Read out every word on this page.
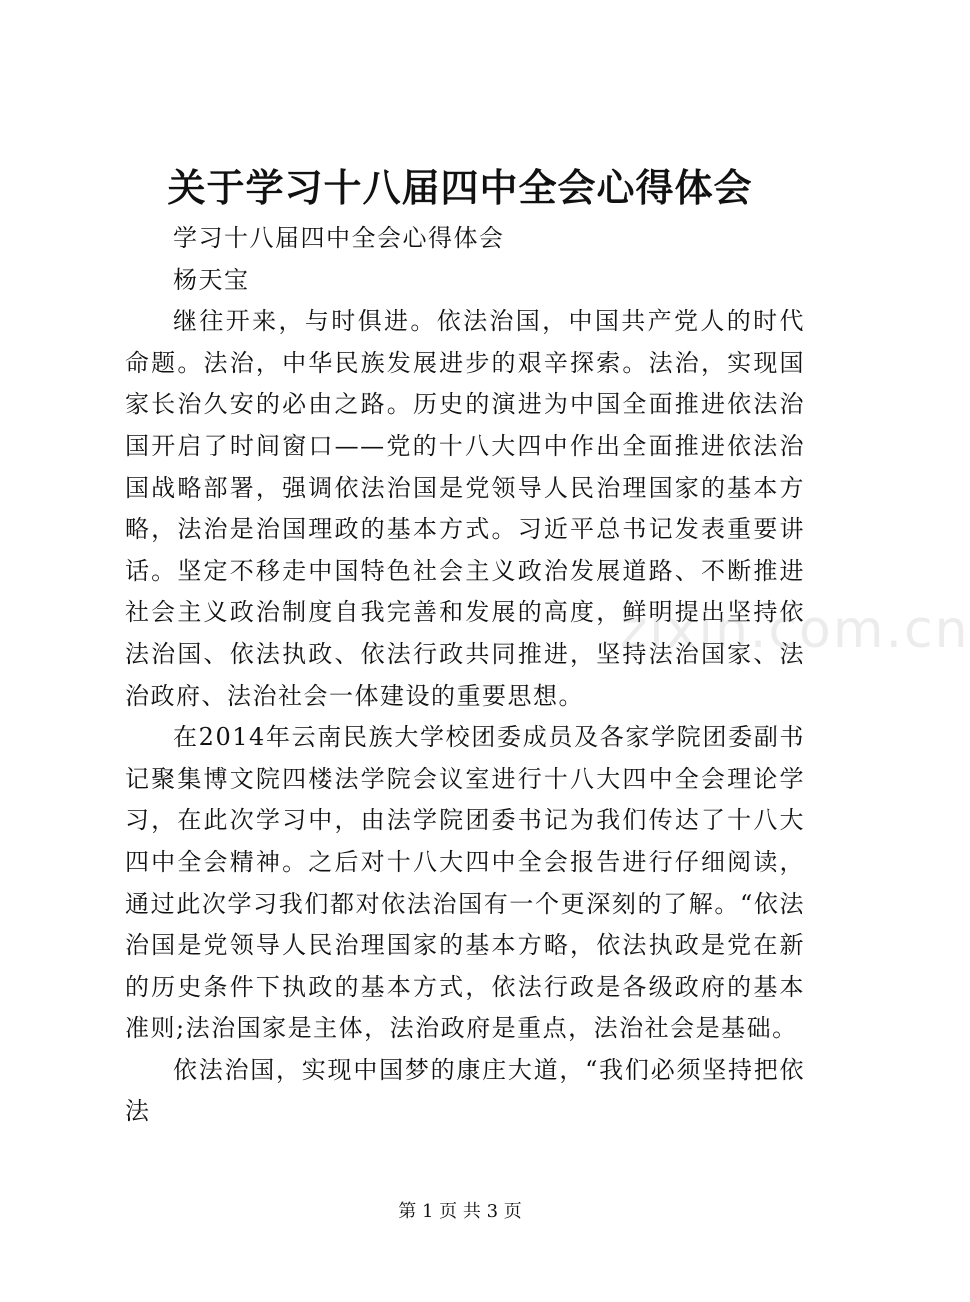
关于学习十八届四中全会心得体会

学习十八届四中全会心得体会

杨天宝

继往开来，与时俱进。依法治国，中国共产党人的时代命题。法治，中华民族发展进步的艰辛探索。法治，实现国家长治久安的必由之路。历史的演进为中国全面推进依法治国开启了时间窗口——党的十八大四中作出全面推进依法治国战略部署，强调依法治国是党领导人民治理国家的基本方略，法治是治国理政的基本方式。习近平总书记发表重要讲话。坚定不移走中国特色社会主义政治发展道路、不断推进社会主义政治制度自我完善和发展的高度，鲜明提出坚持依法治国、依法执政、依法行政共同推进，坚持法治国家、法治政府、法治社会一体建设的重要思想。

在2014年云南民族大学校团委成员及各家学院团委副书记聚集博文院四楼法学院会议室进行十八大四中全会理论学习，在此次学习中，由法学院团委书记为我们传达了十八大四中全会精神。之后对十八大四中全会报告进行仔细阅读，通过此次学习我们都对依法治国有一个更深刻的了解。“依法治国是党领导人民治理国家的基本方略，依法执政是党在新的历史条件下执政的基本方式，依法行政是各级政府的基本准则;法治国家是主体，法治政府是重点，法治社会是基础。

依法治国，实现中国梦的康庄大道，“我们必须坚持把依法

zixin.com.cn
第 1 页 共 3 页
